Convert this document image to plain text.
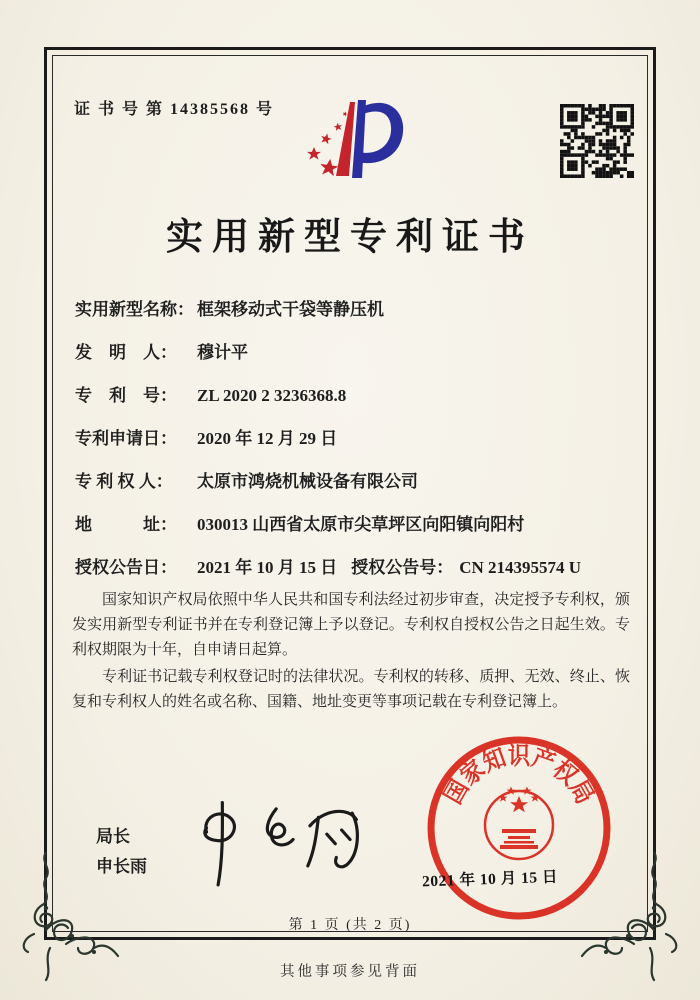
证 书 号 第 14385568 号
实用新型专利证书
实用新型名称： 框架移动式干袋等静压机
发　明　人： 穆计平
专　利　号： ZL 2020 2 3236368.8
专利申请日： 2020 年 12 月 29 日
专 利 权 人： 太原市鸿烧机械设备有限公司
地　　　址： 030013 山西省太原市尖草坪区向阳镇向阳村
授权公告日： 2021 年 10 月 15 日 授权公告号： CN 214395574 U

国家知识产权局依照中华人民共和国专利法经过初步审查，决定授予专利权，颁发实用新型专利证书并在专利登记簿上予以登记。专利权自授权公告之日起生效。专利权期限为十年，自申请日起算。

专利证书记载专利权登记时的法律状况。专利权的转移、质押、无效、终止、恢复和专利权人的姓名或名称、国籍、地址变更等事项记载在专利登记簿上。

局长
申长雨
国家知识产权局
2021 年 10 月 15 日
第 1 页 (共 2 页)
其他事项参见背面
